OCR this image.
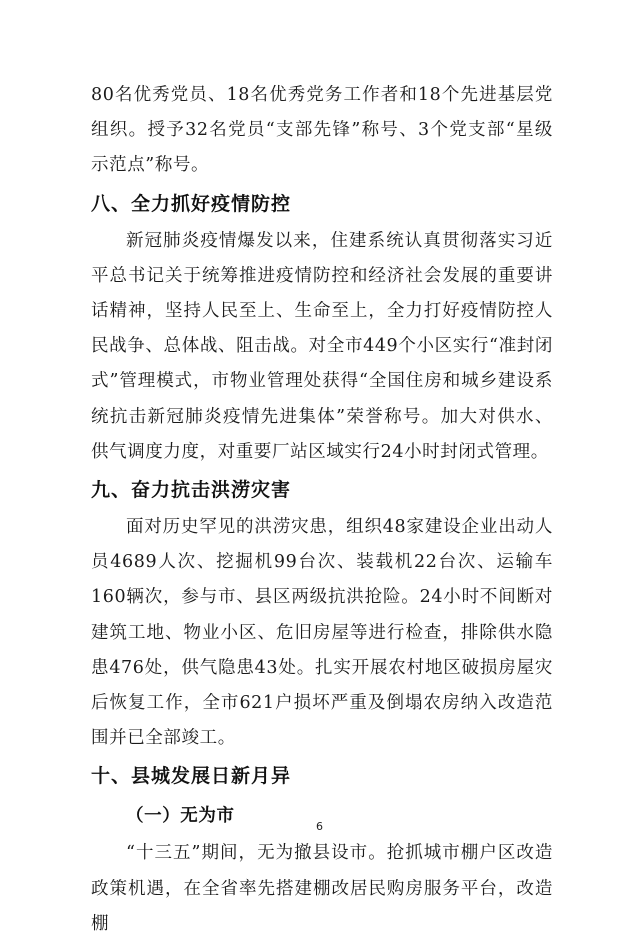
80名优秀党员、18名优秀党务工作者和18个先进基层党组织。授予32名党员“支部先锋”称号、3个党支部“星级示范点”称号。

八、全力抓好疫情防控

新冠肺炎疫情爆发以来，住建系统认真贯彻落实习近平总书记关于统筹推进疫情防控和经济社会发展的重要讲话精神，坚持人民至上、生命至上，全力打好疫情防控人民战争、总体战、阻击战。对全市449个小区实行“准封闭式”管理模式，市物业管理处获得“全国住房和城乡建设系统抗击新冠肺炎疫情先进集体”荣誉称号。加大对供水、供气调度力度，对重要厂站区域实行24小时封闭式管理。

九、奋力抗击洪涝灾害

面对历史罕见的洪涝灾患，组织48家建设企业出动人员4689人次、挖掘机99台次、装载机22台次、运输车160辆次，参与市、县区两级抗洪抢险。24小时不间断对建筑工地、物业小区、危旧房屋等进行检查，排除供水隐患476处，供气隐患43处。扎实开展农村地区破损房屋灾后恢复工作，全市621户损坏严重及倒塌农房纳入改造范围并已全部竣工。

十、县城发展日新月异
（一）无为市

“十三五”期间，无为撤县设市。抢抓城市棚户区改造政策机遇，在全省率先搭建棚改居民购房服务平台，改造棚

6
